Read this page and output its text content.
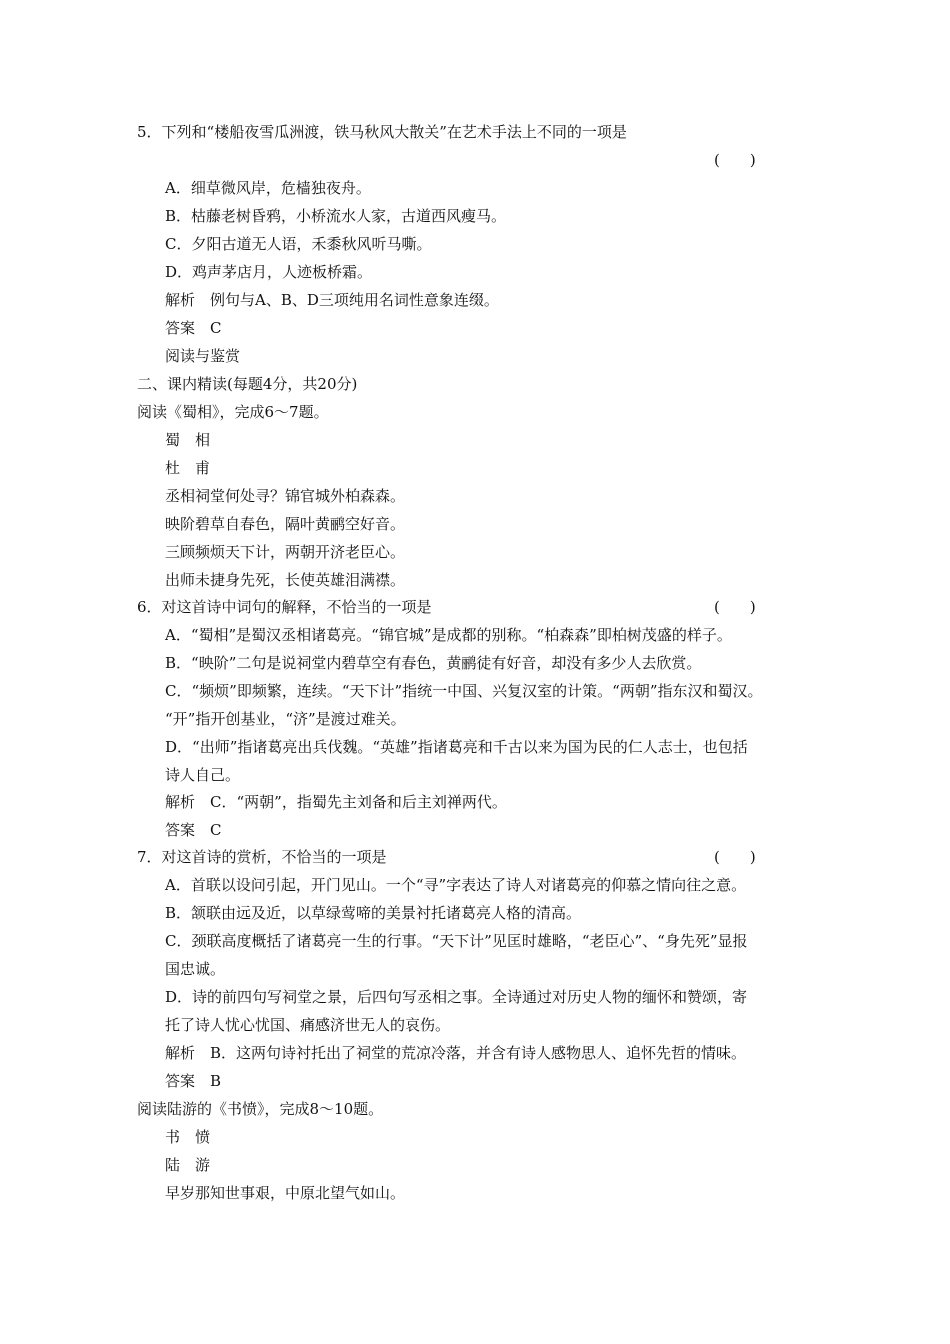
5．下列和“楼船夜雪瓜洲渡，铁马秋风大散关”在艺术手法上不同的一项是
(　　)
A．细草微风岸，危樯独夜舟。
B．枯藤老树昏鸦，小桥流水人家，古道西风瘦马。
C．夕阳古道无人语，禾黍秋风听马嘶。
D．鸡声茅店月，人迹板桥霜。
解析　例句与A、B、D三项纯用名词性意象连缀。
答案　C
阅读与鉴赏
二、课内精读(每题4分，共20分)
阅读《蜀相》，完成6～7题。
蜀　相
杜　甫
丞相祠堂何处寻？锦官城外柏森森。
映阶碧草自春色，隔叶黄鹂空好音。
三顾频烦天下计，两朝开济老臣心。
出师未捷身先死，长使英雄泪满襟。
6．对这首诗中词句的解释，不恰当的一项是	(　　)
A．“蜀相”是蜀汉丞相诸葛亮。“锦官城”是成都的别称。“柏森森”即柏树茂盛的样子。
B．“映阶”二句是说祠堂内碧草空有春色，黄鹂徒有好音，却没有多少人去欣赏。
C．“频烦”即频繁，连续。“天下计”指统一中国、兴复汉室的计策。“两朝”指东汉和蜀汉。
“开”指开创基业，“济”是渡过难关。
D．“出师”指诸葛亮出兵伐魏。“英雄”指诸葛亮和千古以来为国为民的仁人志士，也包括
诗人自己。
解析　C．“两朝”，指蜀先主刘备和后主刘禅两代。
答案　C
7．对这首诗的赏析，不恰当的一项是	(　　)
A．首联以设问引起，开门见山。一个“寻”字表达了诗人对诸葛亮的仰慕之情向往之意。
B．颔联由远及近，以草绿莺啼的美景衬托诸葛亮人格的清高。
C．颈联高度概括了诸葛亮一生的行事。“天下计”见匡时雄略，“老臣心”、“身先死”显报
国忠诚。
D．诗的前四句写祠堂之景，后四句写丞相之事。全诗通过对历史人物的缅怀和赞颂，寄
托了诗人忧心忧国、痛感济世无人的哀伤。
解析　B．这两句诗衬托出了祠堂的荒凉冷落，并含有诗人感物思人、追怀先哲的情味。
答案　B
阅读陆游的《书愤》，完成8～10题。
书　愤
陆　游
早岁那知世事艰，中原北望气如山。
